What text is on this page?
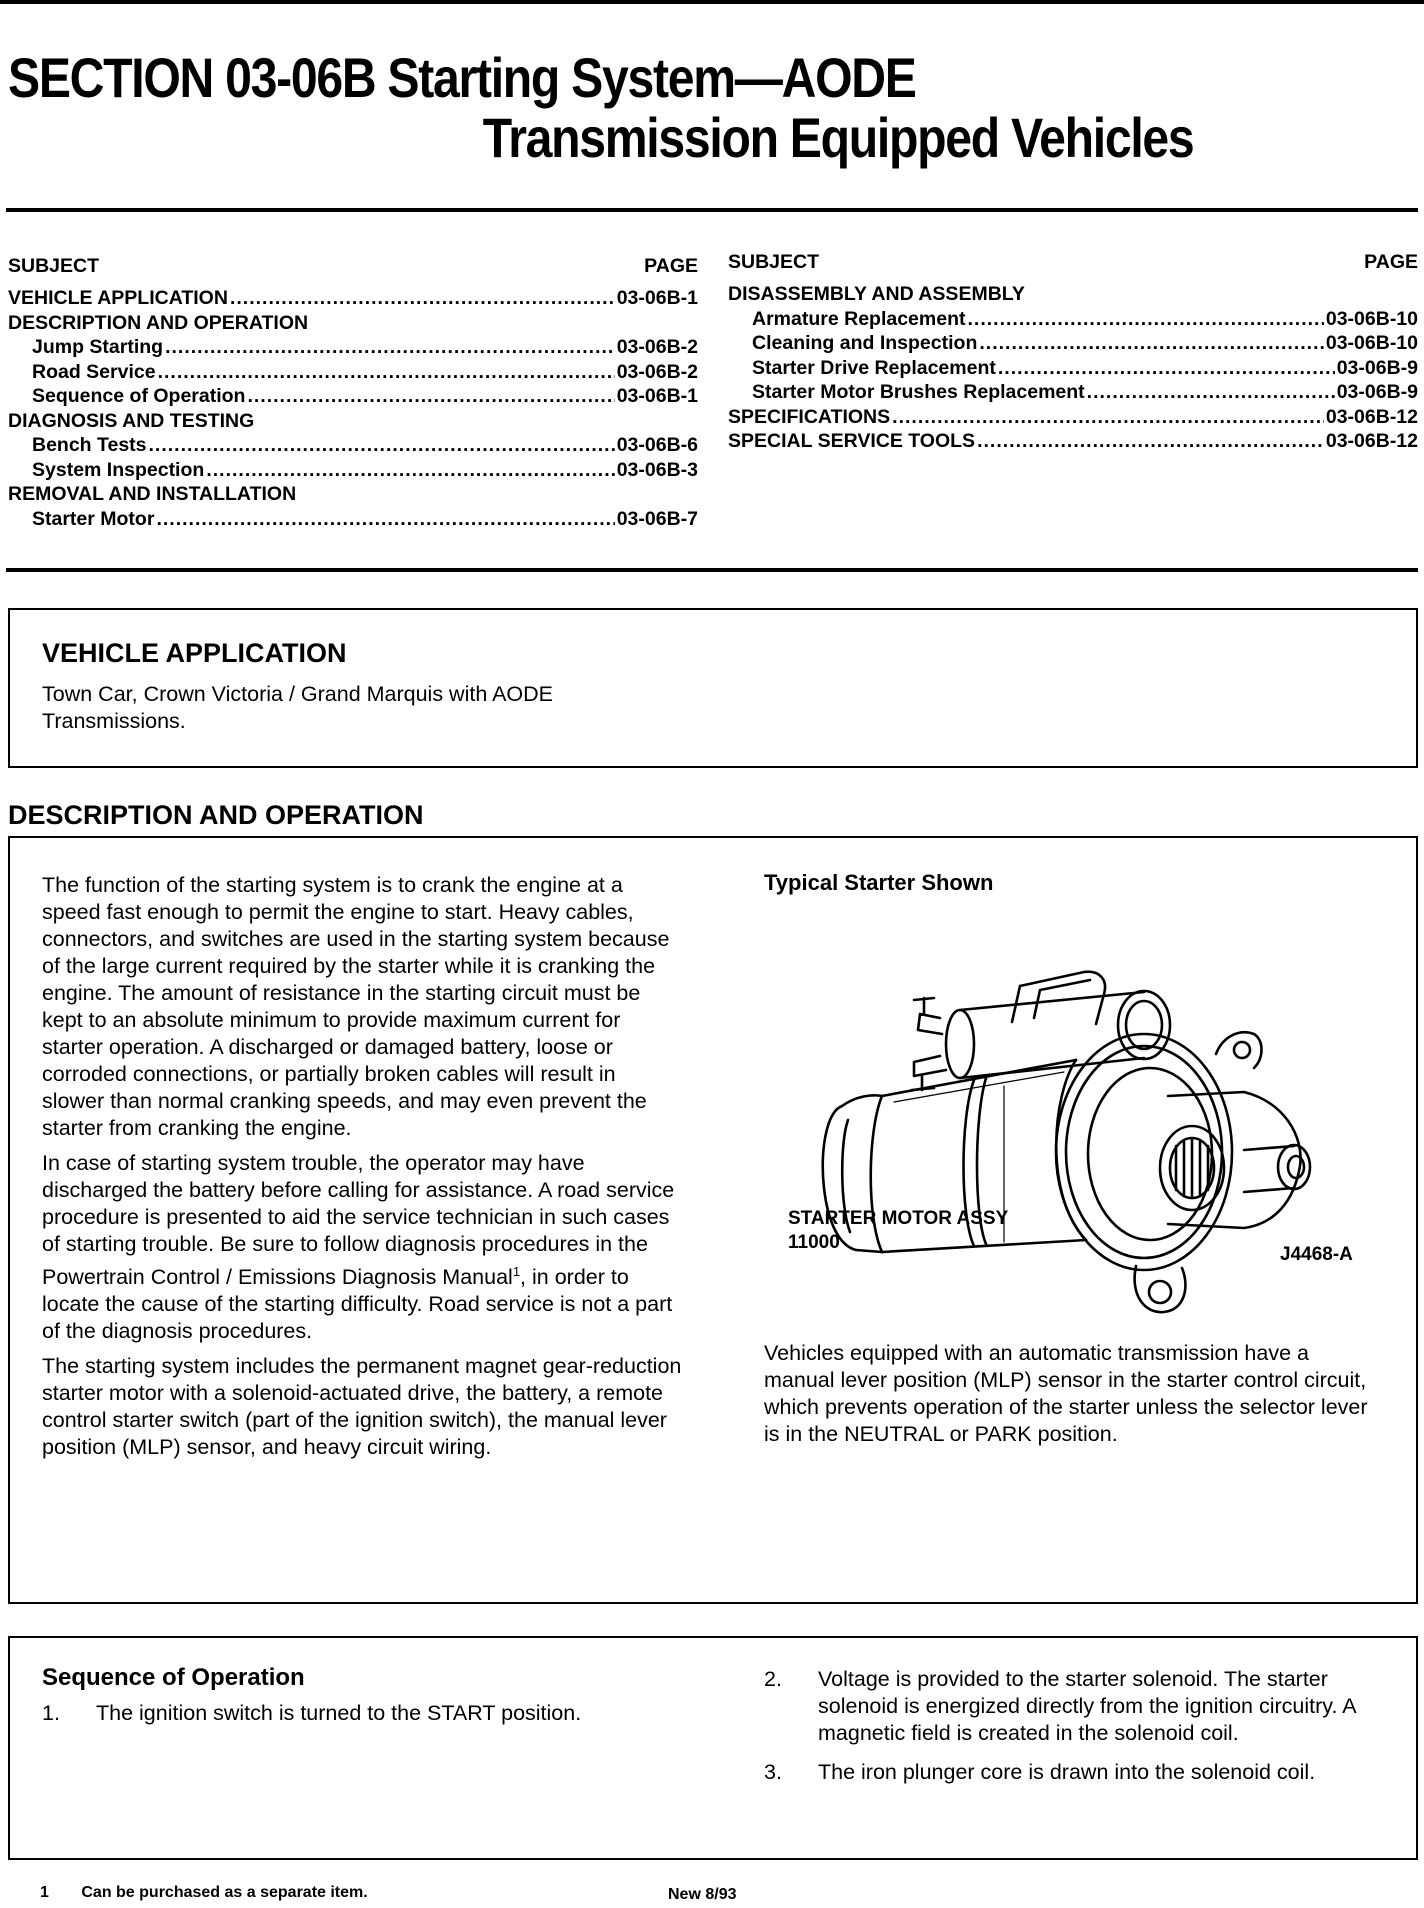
SECTION 03-06B Starting System—AODE
Transmission Equipped Vehicles
SUBJECT	PAGE
VEHICLE APPLICATION .....	03-06B-1
DESCRIPTION AND OPERATION
Jump Starting .....	03-06B-2
Road Service .....	03-06B-2
Sequence of Operation .....	03-06B-1
DIAGNOSIS AND TESTING
Bench Tests .....	03-06B-6
System Inspection .....	03-06B-3
REMOVAL AND INSTALLATION
Starter Motor .....	03-06B-7
SUBJECT	PAGE
DISASSEMBLY AND ASSEMBLY
Armature Replacement .....	03-06B-10
Cleaning and Inspection .....	03-06B-10
Starter Drive Replacement .....	03-06B-9
Starter Motor Brushes Replacement .....	03-06B-9
SPECIFICATIONS .....	03-06B-12
SPECIAL SERVICE TOOLS .....	03-06B-12
VEHICLE APPLICATION

Town Car, Crown Victoria / Grand Marquis with AODE Transmissions.

DESCRIPTION AND OPERATION

The function of the starting system is to crank the engine at a speed fast enough to permit the engine to start. Heavy cables, connectors, and switches are used in the starting system because of the large current required by the starter while it is cranking the engine. The amount of resistance in the starting circuit must be kept to an absolute minimum to provide maximum current for starter operation. A discharged or damaged battery, loose or corroded connections, or partially broken cables will result in slower than normal cranking speeds, and may even prevent the starter from cranking the engine.

In case of starting system trouble, the operator may have discharged the battery before calling for assistance. A road service procedure is presented to aid the service technician in such cases of starting trouble. Be sure to follow diagnosis procedures in the Powertrain Control / Emissions Diagnosis Manual$^1$, in order to locate the cause of the starting difficulty. Road service is not a part of the diagnosis procedures.

The starting system includes the permanent magnet gear-reduction starter motor with a solenoid-actuated drive, the battery, a remote control starter switch (part of the ignition switch), the manual lever position (MLP) sensor, and heavy circuit wiring.

Typical Starter Shown
STARTER MOTOR ASSY
11000
J4468-A

Vehicles equipped with an automatic transmission have a manual lever position (MLP) sensor in the starter control circuit, which prevents operation of the starter unless the selector lever is in the NEUTRAL or PARK position.

Sequence of Operation
1.	The ignition switch is turned to the START position.
2.	Voltage is provided to the starter solenoid. The starter solenoid is energized directly from the ignition circuitry. A magnetic field is created in the solenoid coil.
3.	The iron plunger core is drawn into the solenoid coil.
1 Can be purchased as a separate item.	New 8/93
